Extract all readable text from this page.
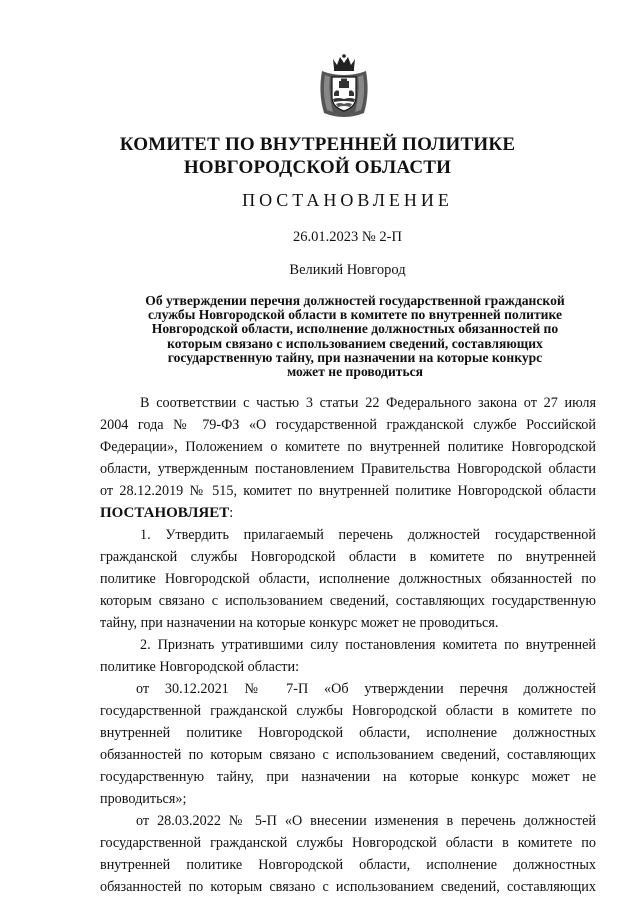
КОМИТЕТ ПО ВНУТРЕННЕЙ ПОЛИТИКЕ
НОВГОРОДСКОЙ ОБЛАСТИ
ПОСТАНОВЛЕНИЕ
26.01.2023 № 2-П
Великий Новгород
Об утверждении перечня должностей государственной гражданской
службы Новгородской области в комитете по внутренней политике
Новгородской области, исполнение должностных обязанностей по
которым связано с использованием сведений, составляющих
государственную тайну, при назначении на которые конкурс
может не проводиться
В соответствии с частью 3 статьи 22 Федерального закона от 27 июля
2004 года № 79-ФЗ «О государственной гражданской службе Российской
Федерации», Положением о комитете по внутренней политике Новгородской
области, утвержденным постановлением Правительства Новгородской области
от 28.12.2019 № 515, комитет по внутренней политике Новгородской области
ПОСТАНОВЛЯЕТ:
1. Утвердить прилагаемый перечень должностей государственной
гражданской службы Новгородской области в комитете по внутренней
политике Новгородской области, исполнение должностных обязанностей по
которым связано с использованием сведений, составляющих государственную
тайну, при назначении на которые конкурс может не проводиться.
2. Признать утратившими силу постановления комитета по внутренней
политике Новгородской области:
от 30.12.2021 № 7-П «Об утверждении перечня должностей
государственной гражданской службы Новгородской области в комитете по
внутренней политике Новгородской области, исполнение должностных
обязанностей по которым связано с использованием сведений, составляющих
государственную тайну, при назначении на которые конкурс может не
проводиться»;
от 28.03.2022 № 5-П «О внесении изменения в перечень должностей
государственной гражданской службы Новгородской области в комитете по
внутренней политике Новгородской области, исполнение должностных
обязанностей по которым связано с использованием сведений, составляющих
